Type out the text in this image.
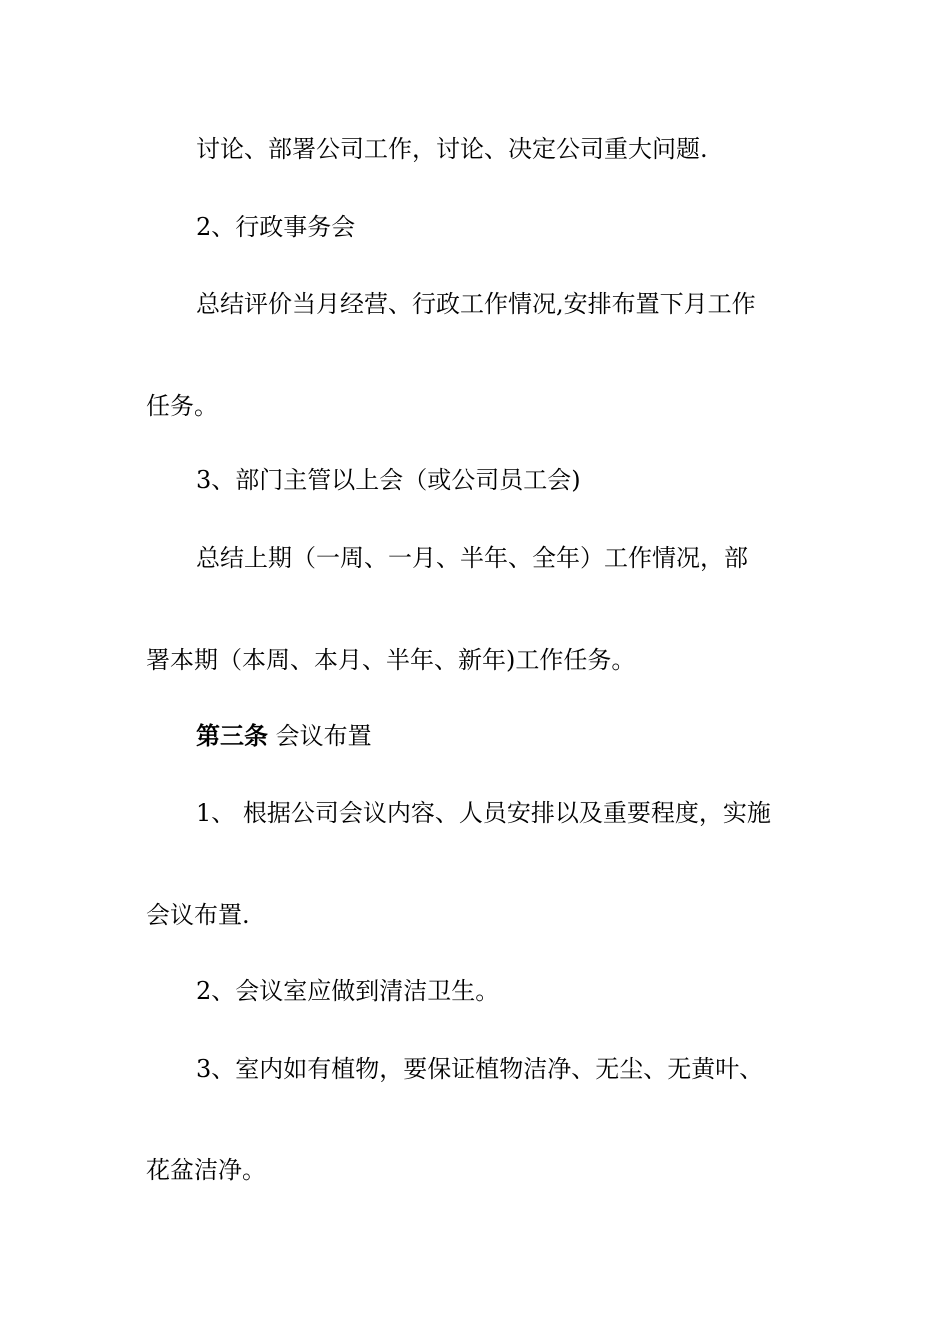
讨论、部署公司工作，讨论、决定公司重大问题.
2、行政事务会
总结评价当月经营、行政工作情况,安排布置下月工作
任务。
3、部门主管以上会（或公司员工会)
总结上期（一周、一月、半年、全年）工作情况，部
署本期（本周、本月、半年、新年)工作任务。
第三条 会议布置
1、 根据公司会议内容、人员安排以及重要程度，实施
会议布置.
2、会议室应做到清洁卫生。
3、室内如有植物，要保证植物洁净、无尘、无黄叶、
花盆洁净。
